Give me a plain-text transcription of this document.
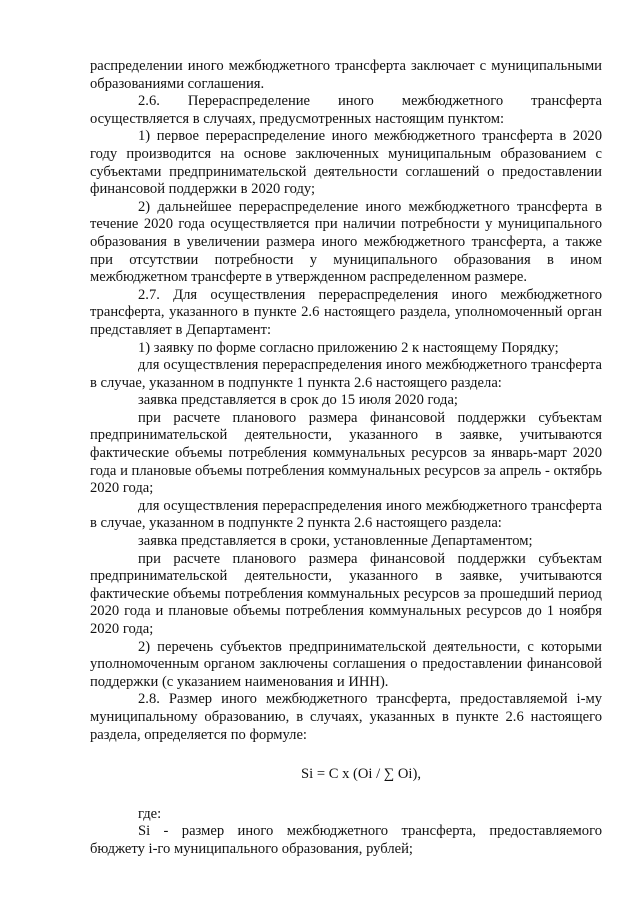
распределении иного межбюджетного трансферта заключает с муниципальными образованиями соглашения.

2.6. Перераспределение иного межбюджетного трансферта осуществляется в случаях, предусмотренных настоящим пунктом:

1) первое перераспределение иного межбюджетного трансферта в 2020 году производится на основе заключенных муниципальным образованием с субъектами предпринимательской деятельности соглашений о предоставлении финансовой поддержки в 2020 году;

2) дальнейшее перераспределение иного межбюджетного трансферта в течение 2020 года осуществляется при наличии потребности у муниципального образования в увеличении размера иного межбюджетного трансферта, а также при отсутствии потребности у муниципального образования в ином межбюджетном трансферте в утвержденном распределенном размере.

2.7. Для осуществления перераспределения иного межбюджетного трансферта, указанного в пункте 2.6 настоящего раздела, уполномоченный орган представляет в Департамент:

1) заявку по форме согласно приложению 2 к настоящему Порядку;

для осуществления перераспределения иного межбюджетного трансферта в случае, указанном в подпункте 1 пункта 2.6 настоящего раздела:

заявка представляется в срок до 15 июля 2020 года;

при расчете планового размера финансовой поддержки субъектам предпринимательской деятельности, указанного в заявке, учитываются фактические объемы потребления коммунальных ресурсов за январь-март 2020 года и плановые объемы потребления коммунальных ресурсов за апрель - октябрь 2020 года;

для осуществления перераспределения иного межбюджетного трансферта в случае, указанном в подпункте 2 пункта 2.6 настоящего раздела:

заявка представляется в сроки, установленные Департаментом;

при расчете планового размера финансовой поддержки субъектам предпринимательской деятельности, указанного в заявке, учитываются фактические объемы потребления коммунальных ресурсов за прошедший период 2020 года и плановые объемы потребления коммунальных ресурсов до 1 ноября 2020 года;

2) перечень субъектов предпринимательской деятельности, с которыми уполномоченным органом заключены соглашения о предоставлении финансовой поддержки (с указанием наименования и ИНН).

2.8. Размер иного межбюджетного трансферта, предоставляемой i-му муниципальному образованию, в случаях, указанных в пункте 2.6 настоящего раздела, определяется по формуле:

Si = C x (Oi / ∑ Oi),

где:

Si - размер иного межбюджетного трансферта, предоставляемого бюджету i-го муниципального образования, рублей;
